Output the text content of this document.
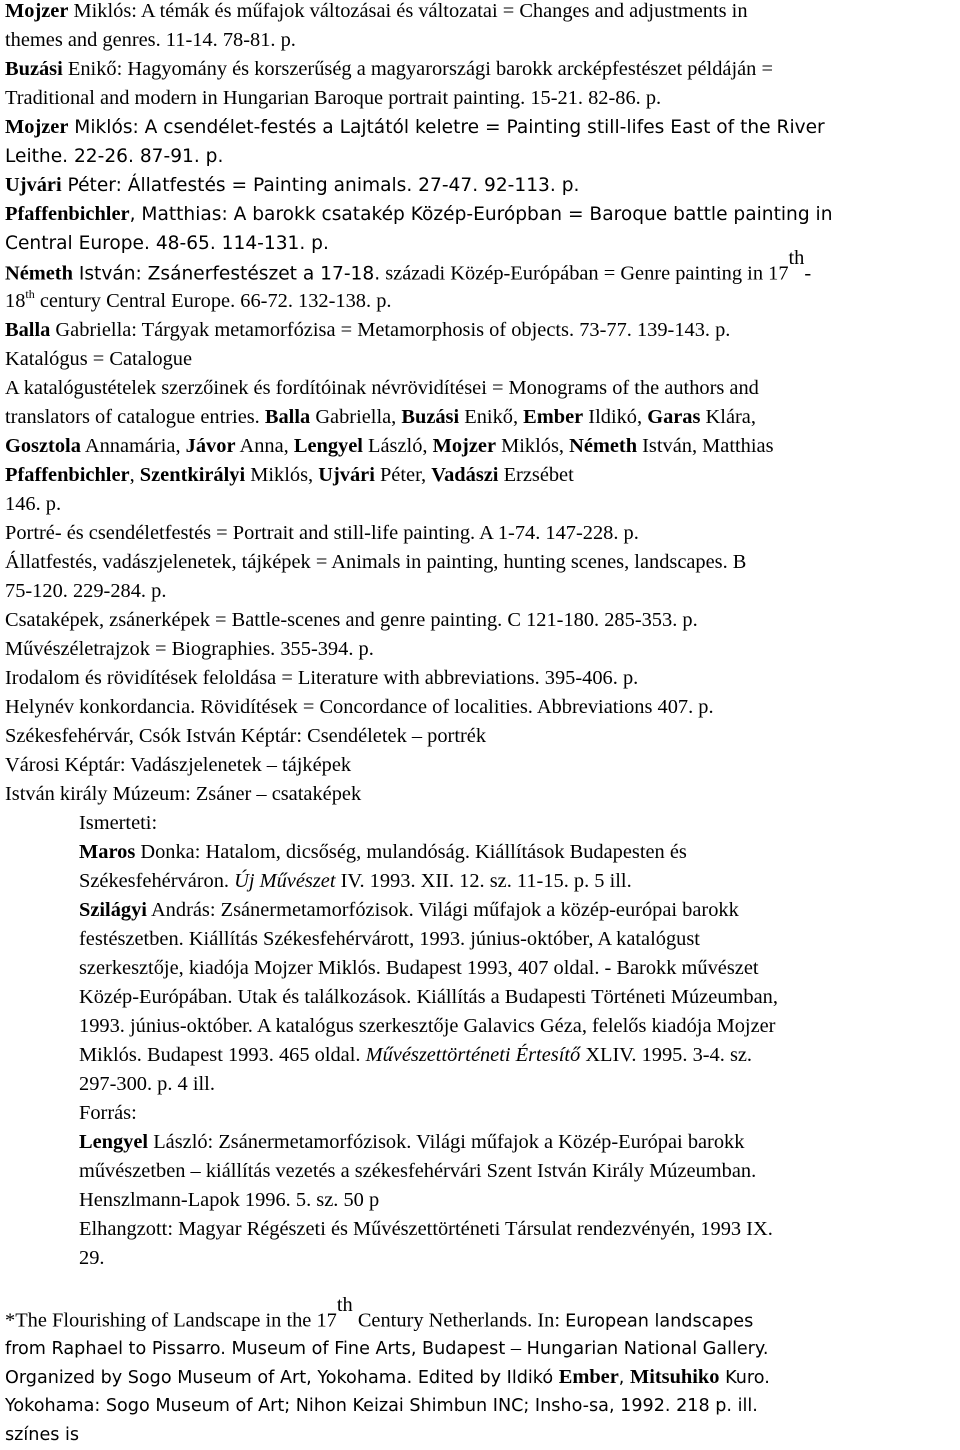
Mojzer Miklós: A témák és műfajok változásai és változatai = Changes and adjustments in
themes and genres. 11-14. 78-81. p.
Buzási Enikő: Hagyomány és korszerűség a magyarországi barokk arcképfestészet példáján =
Traditional and modern in Hungarian Baroque portrait painting. 15-21. 82-86. p.
Mojzer Miklós: A csendélet-festés a Lajtától keletre = Painting still-lifes East of the River
Leithe. 22-26. 87-91. p.
Ujvári Péter: Állatfestés = Painting animals. 27-47. 92-113. p.
Pfaffenbichler, Matthias: A barokk csatakép Közép-Európban = Baroque battle painting in
Central Europe. 48-65. 114-131. p.
Németh István: Zsánerfestészet a 17-18. századi Közép-Európában = Genre painting in 17th-
18th century Central Europe. 66-72. 132-138. p.
Balla Gabriella: Tárgyak metamorfózisa = Metamorphosis of objects. 73-77. 139-143. p.
Katalógus = Catalogue
A katalógustételek szerzőinek és fordítóinak névrövidítései = Monograms of the authors and
translators of catalogue entries. Balla Gabriella, Buzási Enikő, Ember Ildikó, Garas Klára,
Gosztola Annamária, Jávor Anna, Lengyel László, Mojzer Miklós, Németh István, Matthias
Pfaffenbichler, Szentkirályi Miklós, Ujvári Péter, Vadászi Erzsébet
146. p.
Portré- és csendéletfestés = Portrait and still-life painting. A 1-74. 147-228. p.
Állatfestés, vadászjelenetek, tájképek = Animals in painting, hunting scenes, landscapes. B
75-120. 229-284. p.
Csataképek, zsánerképek = Battle-scenes and genre painting. C 121-180. 285-353. p.
Művészéletrajzok = Biographies. 355-394. p.
Irodalom és rövidítések feloldása = Literature with abbreviations. 395-406. p.
Helynév konkordancia. Rövidítések = Concordance of localities. Abbreviations 407. p.
Székesfehérvár, Csók István Képtár: Csendéletek – portrék
Városi Képtár: Vadászjelenetek – tájképek
István király Múzeum: Zsáner – csataképek
Ismerteti:
Maros Donka: Hatalom, dicsőség, mulandóság. Kiállítások Budapesten és
Székesfehérváron. Új Művészet IV. 1993. XII. 12. sz. 11-15. p. 5 ill.
Szilágyi András: Zsánermetamorfózisok. Világi műfajok a közép-európai barokk
festészetben. Kiállítás Székesfehérvárott, 1993. június-október, A katalógust
szerkesztője, kiadója Mojzer Miklós. Budapest 1993, 407 oldal. - Barokk művészet
Közép-Európában. Utak és találkozások. Kiállítás a Budapesti Történeti Múzeumban,
1993. június-október. A katalógus szerkesztője Galavics Géza, felelős kiadója Mojzer
Miklós. Budapest 1993. 465 oldal. Művészettörténeti Értesítő XLIV. 1995. 3-4. sz.
297-300. p. 4 ill.
Forrás:
Lengyel László: Zsánermetamorfózisok. Világi műfajok a Közép-Európai barokk
művészetben – kiállítás vezetés a székesfehérvári Szent István Király Múzeumban.
Henszlmann-Lapok 1996. 5. sz. 50 p
Elhangzott: Magyar Régészeti és Művészettörténeti Társulat rendezvényén, 1993 IX.
29.
*The Flourishing of Landscape in the 17th Century Netherlands. In: European landscapes
from Raphael to Pissarro. Museum of Fine Arts, Budapest – Hungarian National Gallery.
Organized by Sogo Museum of Art, Yokohama. Edited by Ildikó Ember, Mitsuhiko Kuro.
Yokohama: Sogo Museum of Art; Nihon Keizai Shimbun INC; Insho-sa, 1992. 218 p. ill.
színes is
